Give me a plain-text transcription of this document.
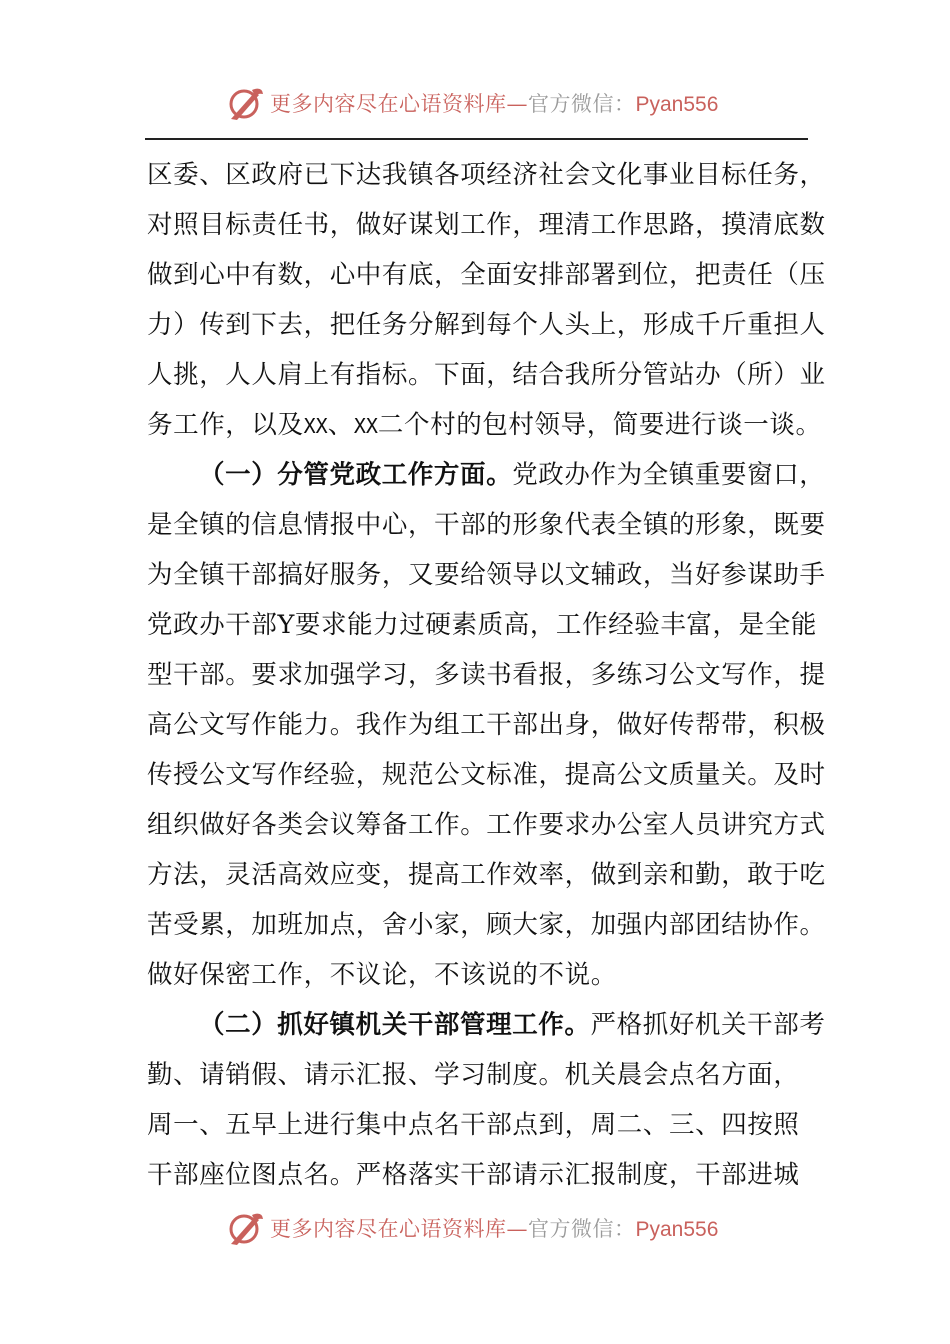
更多内容尽在心语资料库—官方微信：Pyan556
区委、区政府已下达我镇各项经济社会文化事业目标任务，
对照目标责任书，做好谋划工作，理清工作思路，摸清底数
做到心中有数，心中有底，全面安排部署到位，把责任（压
力）传到下去，把任务分解到每个人头上，形成千斤重担人
人挑，人人肩上有指标。下面，结合我所分管站办（所）业
务工作，以及XX、XX二个村的包村领导，简要进行谈一谈。
（一）分管党政工作方面。党政办作为全镇重要窗口，
是全镇的信息情报中心，干部的形象代表全镇的形象，既要
为全镇干部搞好服务，又要给领导以文辅政，当好参谋助手
党政办干部Y要求能力过硬素质高，工作经验丰富，是全能
型干部。要求加强学习，多读书看报，多练习公文写作，提
高公文写作能力。我作为组工干部出身，做好传帮带，积极
传授公文写作经验，规范公文标准，提高公文质量关。及时
组织做好各类会议筹备工作。工作要求办公室人员讲究方式
方法，灵活高效应变，提高工作效率，做到亲和勤，敢于吃
苦受累，加班加点，舍小家，顾大家，加强内部团结协作。
做好保密工作，不议论，不该说的不说。
（二）抓好镇机关干部管理工作。严格抓好机关干部考
勤、请销假、请示汇报、学习制度。机关晨会点名方面，
周一、五早上进行集中点名干部点到，周二、三、四按照
干部座位图点名。严格落实干部请示汇报制度，干部进城
更多内容尽在心语资料库—官方微信：Pyan556
